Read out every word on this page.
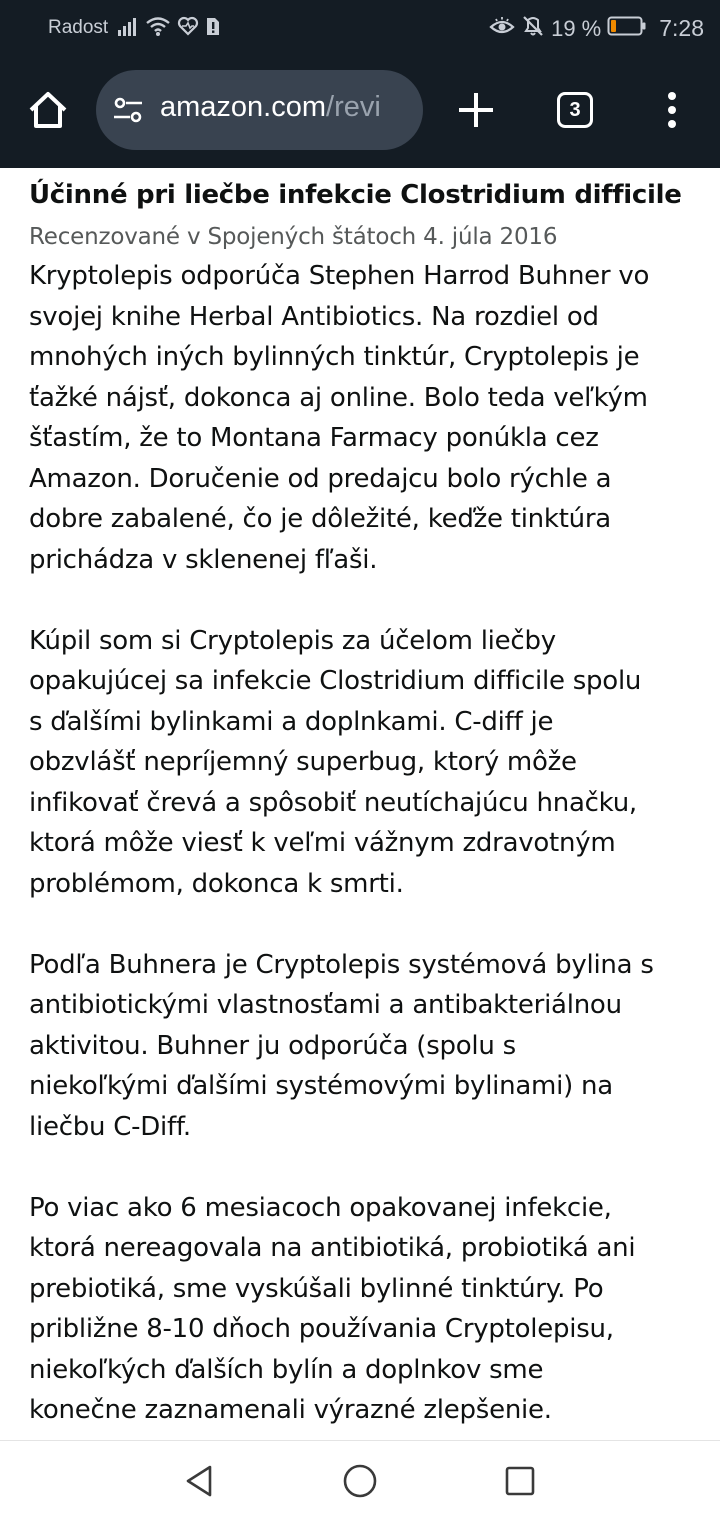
Radost	19 %	7:28
amazon.com/revi	3
Účinné pri liečbe infekcie Clostridium difficile
Recenzované v Spojených štátoch 4. júla 2016
Kryptolepis odporúča Stephen Harrod Buhner vo
svojej knihe Herbal Antibiotics. Na rozdiel od
mnohých iných bylinných tinktúr, Cryptolepis je
ťažké nájsť, dokonca aj online. Bolo teda veľkým
šťastím, že to Montana Farmacy ponúkla cez
Amazon. Doručenie od predajcu bolo rýchle a
dobre zabalené, čo je dôležité, keďže tinktúra
prichádza v sklenenej fľaši.
Kúpil som si Cryptolepis za účelom liečby
opakujúcej sa infekcie Clostridium difficile spolu
s ďalšími bylinkami a doplnkami. C-diff je
obzvlášť nepríjemný superbug, ktorý môže
infikovať črevá a spôsobiť neutíchajúcu hnačku,
ktorá môže viesť k veľmi vážnym zdravotným
problémom, dokonca k smrti.
Podľa Buhnera je Cryptolepis systémová bylina s
antibiotickými vlastnosťami a antibakteriálnou
aktivitou. Buhner ju odporúča (spolu s
niekoľkými ďalšími systémovými bylinami) na
liečbu C-Diff.
Po viac ako 6 mesiacoch opakovanej infekcie,
ktorá nereagovala na antibiotiká, probiotiká ani
prebiotiká, sme vyskúšali bylinné tinktúry. Po
približne 8-10 dňoch používania Cryptolepisu,
niekoľkých ďalších bylín a doplnkov sme
konečne zaznamenali výrazné zlepšenie.
